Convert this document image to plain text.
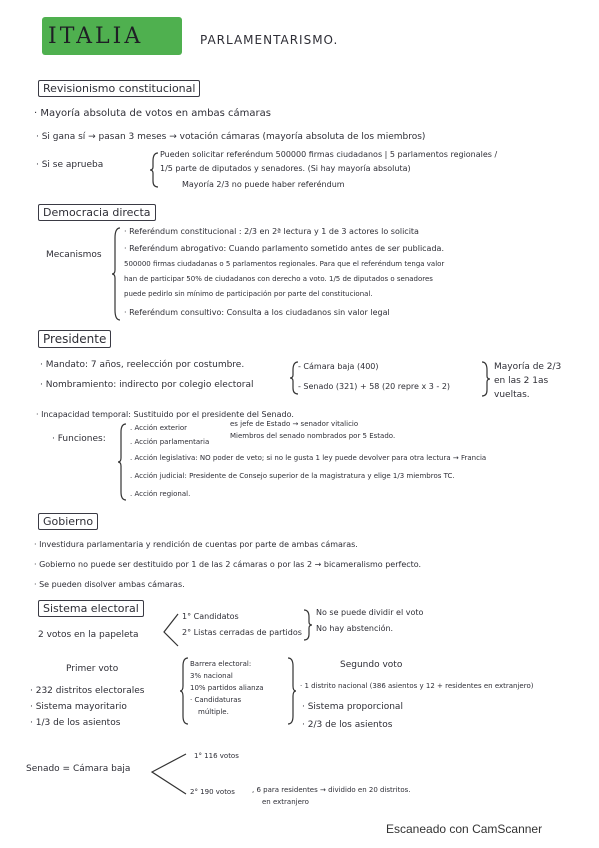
ITALIA	PARLAMENTARISMO.
Revisionismo constitucional
· Mayoría absoluta de votos en ambas cámaras
· Si gana sí → pasan 3 meses → votación cámaras (mayoría absoluta de los miembros)
· Si se aprueba
Pueden solicitar referéndum 500000 firmas ciudadanos | 5 parlamentos regionales /
1/5 parte de diputados y senadores. (Si hay mayoría absoluta)
Mayoría 2/3 no puede haber referéndum
Democracia directa
Mecanismos
· Referéndum constitucional : 2/3 en 2ª lectura y 1 de 3 actores lo solicita
· Referéndum abrogativo: Cuando parlamento sometido antes de ser publicada.
500000 firmas ciudadanas o 5 parlamentos regionales. Para que el referéndum tenga valor
han de participar 50% de ciudadanos con derecho a voto. 1/5 de diputados o senadores
puede pedirlo sin mínimo de participación por parte del constitucional.
· Referéndum consultivo: Consulta a los ciudadanos sin valor legal
Presidente
· Mandato: 7 años, reelección por costumbre.
· Nombramiento: indirecto por colegio electoral
- Cámara baja (400)
- Senado (321) + 58 (20 repre x 3 - 2)
Mayoría de 2/3 en las 2 1as vueltas.
· Incapacidad temporal: Sustituido por el presidente del Senado.
· Funciones:
. Acción exterior	es jefe de Estado → senador vitalicio
. Acción parlamentaria
Miembros del senado nombrados por 5 Estado.
. Acción legislativa: NO poder de veto; si no le gusta 1 ley puede devolver para otra lectura → Francia
. Acción judicial: Presidente de Consejo superior de la magistratura y elige 1/3 miembros TC.
. Acción regional.
Gobierno
· Investidura parlamentaria y rendición de cuentas por parte de ambas cámaras.
· Gobierno no puede ser destituido por 1 de las 2 cámaras o por las 2 → bicameralismo perfecto.
· Se pueden disolver ambas cámaras.
Sistema electoral
2 votos en la papeleta
1° Candidatos
2° Listas cerradas de partidos
No se puede dividir el voto
No hay abstención.
Primer voto
· 232 distritos electorales
· Sistema mayoritario
· 1/3 de los asientos
Barrera electoral:
3% nacional
10% partidos alianza
· Candidaturas
múltiple.
Segundo voto
· 1 distrito nacional (386 asientos y 12 + residentes en extranjero)
· Sistema proporcional
· 2/3 de los asientos
Senado = Cámara baja
1° 116 votos
2° 190 votos , 6 para residentes → dividido en 20 distritos.
en extranjero
Escaneado con CamScanner
